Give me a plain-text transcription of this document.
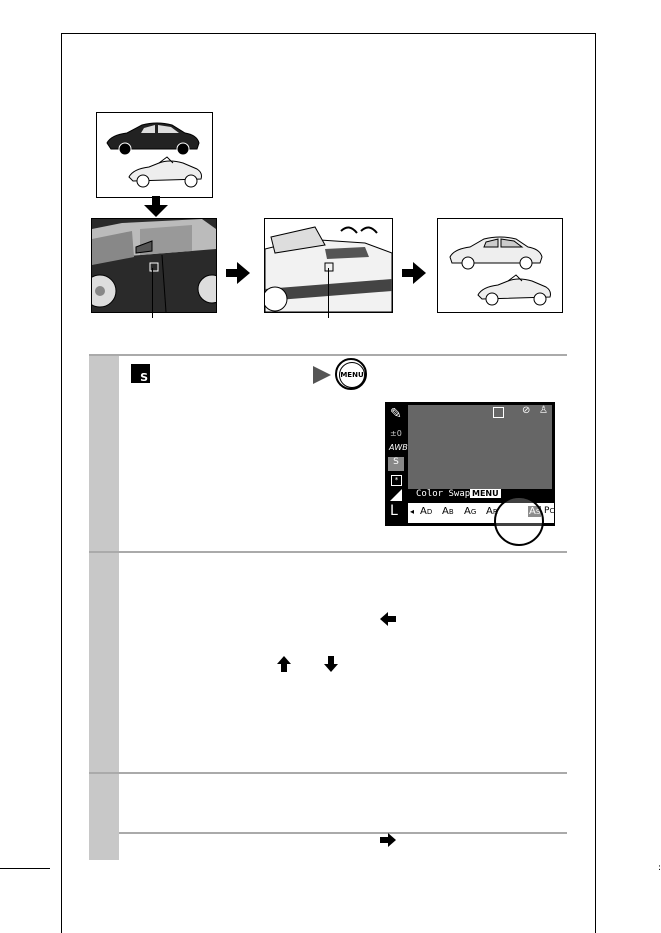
:
S	MENU
⊘ ♙
✎
±0
AWB
S
*
L
Color Swap MENU
◂ AD AB AG AR	AS PC
